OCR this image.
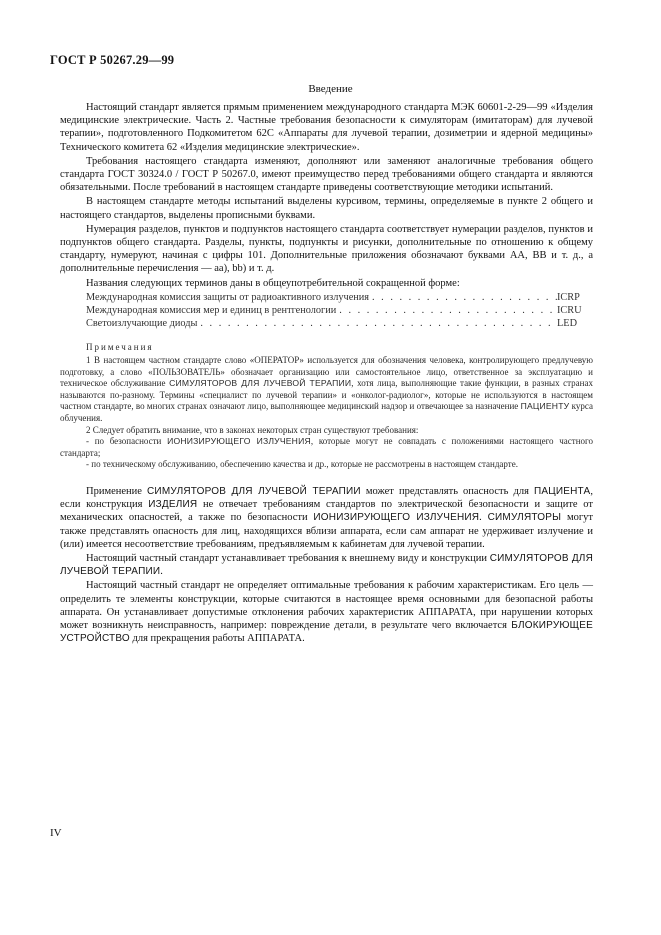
ГОСТ Р 50267.29—99
Введение

Настоящий стандарт является прямым применением международного стандарта МЭК 60601-2-29—99 «Изделия медицинские электрические. Часть 2. Частные требования безопасности к симуляторам (имитаторам) для лучевой терапии», подготовленного Подкомитетом 62С «Аппараты для лучевой терапии, дозиметрии и ядерной медицины» Технического комитета 62 «Изделия медицинские электрические».

Требования настоящего стандарта изменяют, дополняют или заменяют аналогичные требования общего стандарта ГОСТ 30324.0 / ГОСТ Р 50267.0, имеют преимущество перед требованиями общего стандарта и являются обязательными. После требований в настоящем стандарте приведены соответствующие методики испытаний.

В настоящем стандарте методы испытаний выделены курсивом, термины, определяемые в пункте 2 общего и настоящего стандартов, выделены прописными буквами.

Нумерация разделов, пунктов и подпунктов настоящего стандарта соответствует нумерации разделов, пунктов и подпунктов общего стандарта. Разделы, пункты, подпункты и рисунки, дополнительные по отношению к общему стандарту, нумеруют, начиная с цифры 101. Дополнительные приложения обозначают буквами АА, ВВ и т. д., а дополнительные перечисления — аа), bb) и т. д.

Названия следующих терминов даны в общеупотребительной сокращенной форме:

Международная комиссия защиты от радиоактивного излучения . . .	ICRP
Международная комиссия мер и единиц в рентгенологии . . .	ICRU
Светоизлучающие диоды . . .	LED

Примечания

1 В настоящем частном стандарте слово «ОПЕРАТОР» используется для обозначения человека, контролирующего предлучевую подготовку, а слово «ПОЛЬЗОВАТЕЛЬ» обозначает организацию или самостоятельное лицо, ответственное за эксплуатацию и техническое обслуживание СИМУЛЯТОРОВ ДЛЯ ЛУЧЕВОЙ ТЕРАПИИ, хотя лица, выполняющие такие функции, в разных странах называются по-разному. Термины «специалист по лучевой терапии» и «онколог-радиолог», которые не используются в настоящем частном стандарте, во многих странах означают лицо, выполняющее медицинский надзор и отвечающее за назначение ПАЦИЕНТУ курса облучения.

2 Следует обратить внимание, что в законах некоторых стран существуют требования:

- по безопасности ИОНИЗИРУЮЩЕГО ИЗЛУЧЕНИЯ, которые могут не совпадать с положениями настоящего частного стандарта;

- по техническому обслуживанию, обеспечению качества и др., которые не рассмотрены в настоящем стандарте.

Применение СИМУЛЯТОРОВ ДЛЯ ЛУЧЕВОЙ ТЕРАПИИ может представлять опасность для ПАЦИЕНТА, если конструкция ИЗДЕЛИЯ не отвечает требованиям стандартов по электрической безопасности и защите от механических опасностей, а также по безопасности ИОНИЗИРУЮЩЕГО ИЗЛУЧЕНИЯ. СИМУЛЯТОРЫ могут также представлять опасность для лиц, находящихся вблизи аппарата, если сам аппарат не удерживает излучение и (или) имеется несоответствие требованиям, предъявляемым к кабинетам для лучевой терапии.

Настоящий частный стандарт устанавливает требования к внешнему виду и конструкции СИМУЛЯТОРОВ ДЛЯ ЛУЧЕВОЙ ТЕРАПИИ.

Настоящий частный стандарт не определяет оптимальные требования к рабочим характеристикам. Его цель — определить те элементы конструкции, которые считаются в настоящее время основными для безопасной работы аппарата. Он устанавливает допустимые отклонения рабочих характеристик АППАРАТА, при нарушении которых может возникнуть неисправность, например: повреждение детали, в результате чего включается БЛОКИРУЮЩЕЕ УСТРОЙСТВО для прекращения работы АППАРАТА.

IV
